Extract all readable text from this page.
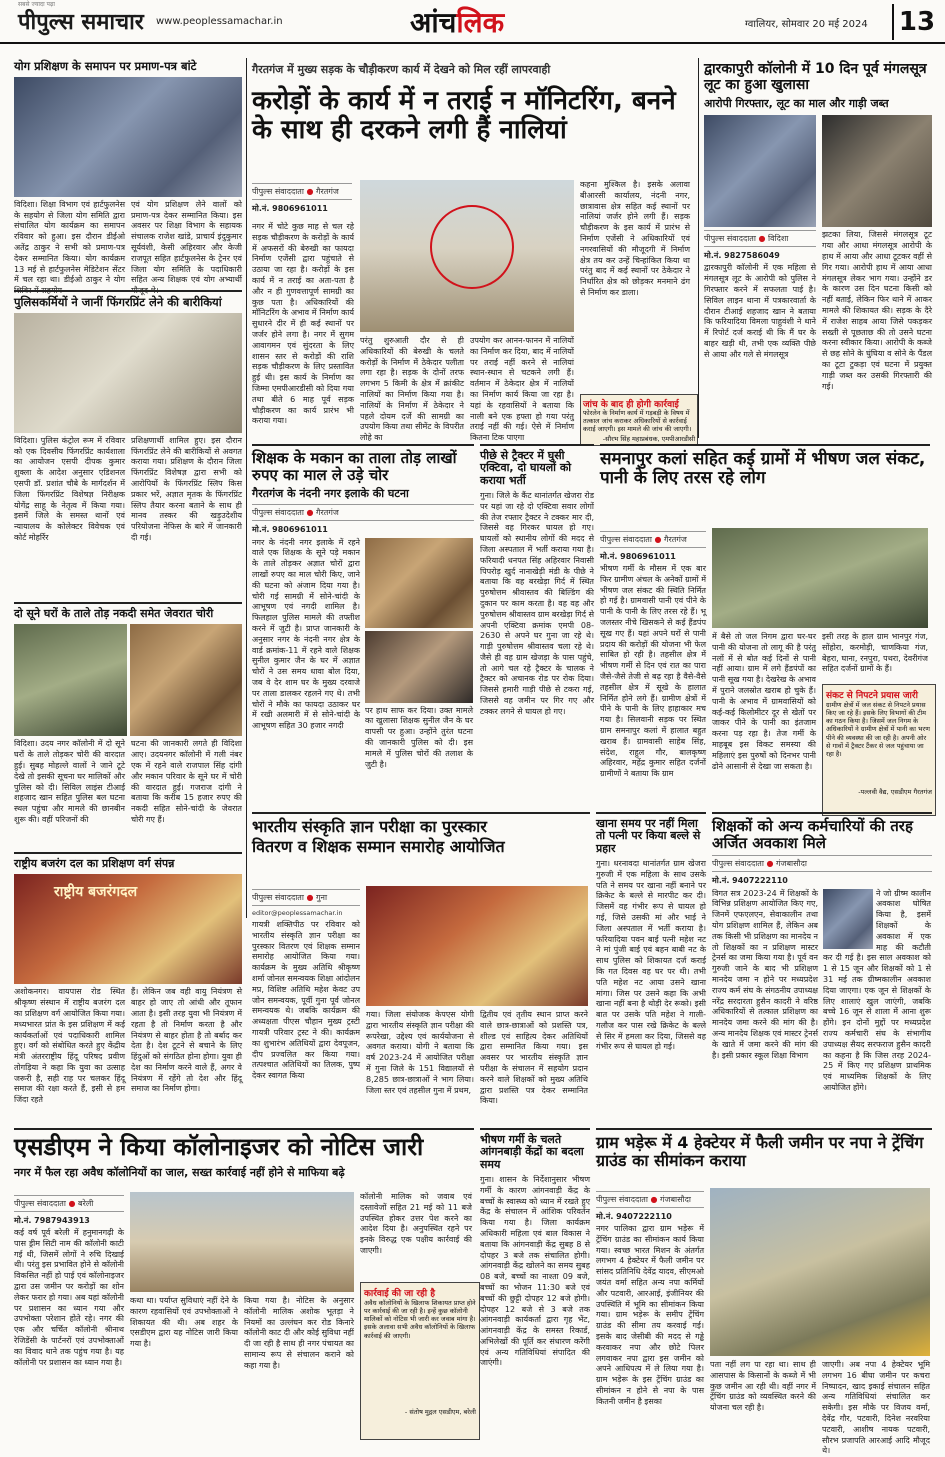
सबसे ज्यादा पढ़ा
पीपुल्स समाचार www.peoplessamachar.in	आंचलिक	ग्वालियर, सोमवार 20 मई 2024 13
योग प्रशिक्षण के समापन पर प्रमाण-पत्र बांटे
विदिशा। शिक्षा विभाग एवं हार्टफुलनेस के सहयोग से जिला योग समिति द्वारा संचालित योग कार्यक्रम का समापन रविवार को हुआ। इस दौरान डीईओ अतेंद्र ठाकुर ने सभी को प्रमाण-पत्र देकर सम्मानित किया। योग कार्यक्रम 13 मई से हार्टफुलनेस मेडिटेशन सेंटर में चल रहा था। डीईओ ठाकुर ने योग शिविर में सहयोग
एवं योग प्रशिक्षण लेने वालों को प्रमाण-पत्र देकर सम्मानित किया। इस अवसर पर शिक्षा विभाग के सहायक संचालक राजेश खांडे, प्राचार्य इंदुकुमार सूर्यवंशी, केसी अहिरवार और केजी राजपूत सहित हार्टफुलनेस के ट्रेनर एवं जिला योग समिति के पदाधिकारी सहित अन्य शिक्षक एवं योग अभ्यार्थी मौजूद थे।
पुलिसकर्मियों ने जानीं फिंगरप्रिंट लेने की बारीकियां
विदिशा। पुलिस कंट्रोल रूम में रविवार को एक दिवसीय फिंगरप्रिंट कार्यशाला का आयोजन एसपी दीपक कुमार शुक्ला के आदेश अनुसार एडिशनल एसपी डॉ. प्रशांत चौबे के मार्गदर्शन में जिला फिंगरप्रिंट विशेषज्ञ निरीक्षक योगेंद्र साहू के नेतृत्व में किया गया। इसमें जिले के समस्त थानों एवं न्यायालय के कोलेक्टर विवेचक एवं कोर्ट मोहर्रिर
प्रशिक्षणार्थी शामिल हुए। इस दौरान फिंगरप्रिंट लेने की बारीकियों से अवगत कराया गया। प्रशिक्षण के दौरान जिला फिंगरप्रिंट विशेषज्ञ द्वारा सभी को आरोपियों के फिंगरप्रिंट स्लिप किस प्रकार भरें, अज्ञात मृतक के फिंगरप्रिंट स्लिप तैयार करना बताने के साथ ही मानव तस्कर की खड़ुउदेशीय परियोजना नेफिस के बारे में जानकारी दी गई।
दो सूने घरों के ताले तोड़ नकदी समेत जेवरात चोरी
विदिशा। उदय नगर कॉलोनी में दो सूने घरों के ताले तोड़कर चोरी की वारदात हुई। सुबह मोहल्ले वालों ने जाने टूटे देखे तो इसकी सूचना घर मालिकों और पुलिस को दी। सिविल लाइंस टीआई शहजाद खान सहित पुलिस बल घटना स्थल पहुंचा और मामले की छानबीन शुरू की। वहीं परिजनों की
घटना की जानकारी लगते ही विदिशा आए। उदयनगर कॉलोनी में गली नंबर एक में रहने वाले राजपाल सिंह दांगी और मकान परिवार के सूने घर में चोरी की वारदात हुई। गजराज दांगी ने बताया कि करीब 15 हजार रुपए की नकदी सहित सोने-चांदी के जेवरात चोरी गए हैं।
राष्ट्रीय बजरंग दल का प्रशिक्षण वर्ग संपन्न
राष्ट्रीय बजरंगदल
अशोकनगर। वायपास रोड स्थित श्रीकृष्ण संस्थान में राष्ट्रीय बजरंग दल का प्रशिक्षण वर्ग आयोजित किया गया। मध्यभारत प्रांत के इस प्रशिक्षण में कई कार्यकर्ताओं एवं पदाधिकारी शामिल हुए। वर्ग को संबोधित करते हुए केंद्रीय मंत्री अंतरराष्ट्रीय हिंदू परिषद प्रवीण तोगड़िया ने कहा कि युवा का उत्साह जरूरी है, सही राह पर चलकर हिंदू समाज की रक्षा करते हैं, इसी से हम जिंदा रहते
हैं। लेकिन जब वही वायु नियंत्रण से बाहर हो जाए तो आंधी और तूफान आता है। इसी तरह युवा भी नियंत्रण में रहता है तो निर्माण करता है और नियंत्रण से बाहर होता है तो बर्बाद कर देता है। देश टूटने से बचाने के लिए हिंदुओं को संगठित होना होगा। युवा ही देश का निर्माण करने वाले हैं, अगर वे नियंत्रण में रहेंगे तो देश और हिंदू समाज का निर्माण होगा।
गैरतगंज में मुख्य सड़क के चौड़ीकरण कार्य में देखने को मिल रहीं लापरवाही
करोड़ों के कार्य में न तराई न मॉनिटरिंग, बनने के साथ ही दरकने लगी हैं नालियां
पीपुल्स संवाददाता ● गैरतगंज
मो.नं. 9806961011
नगर में चोटे कुछ माह से चल रहे सड़क चौड़ीकरण के करोड़ों के कार्य में अफसरों की बेरुखी का फायदा निर्माण एजेंसी द्वारा पहुंचाते से उठाया जा रहा है। करोड़ों के इस कार्य में न तराई का अता-पता है और न ही गुणवत्तापूर्ण सामग्री का कुछ पता है। अधिकारियों की मॉनिटरिंग के अभाव में निर्माण कार्य सुधारने दीर में ही कई स्थानों पर जर्जर होने लगा है। नगर में सुगम आवागमन एवं सुंदरता के लिए शासन स्तर से करोड़ों की राशि सड़क चौड़ीकरण के लिए प्रस्तावित हुई थी। इस कार्य के निर्माण का जिम्मा एमपीआरडीसी को दिया गया तथा बीते 6 माह पूर्व सड़क चौड़ीकरण का कार्य प्रारंभ भी कराया गया।
परंतु शुरुआती दौर से ही अधिकारियों की बेरुखी के चलते करोड़ों के निर्माण में ठेकेदार पलीता लगा रहा है। सड़क के दोनों तरफ लगभग 5 किमी के क्षेत्र में क्रांकीट नालियों का निर्माण किया गया है। नालियों के निर्माण में ठेकेदार ने पहले दोयम दर्जे की सामग्री का उपयोग किया तथा सीमेंट के विपरीत लोहे का
उपयोग कर आनन-फानन में नालियों का निर्माण कर दिया, बाद में नालियों पर तराई नहीं करने से नालियां स्थान-स्थान से चटकने लगी हैं। वर्तमान में ठेकेदार क्षेत्र में नालियों का निर्माण कार्य किया जा रहा है। यहां के रहवासियों ने बताया कि नाली बने एक हफ्ता हो गया परंतु तराई नहीं की गई। ऐसे में निर्माण कितना टिक पाएगा
कहना मुश्किल है। इसके अलावा बीआरसी कार्यालय, नंदनी नगर, छात्रावास क्षेत्र सहित कई स्थानों पर नालियां जर्जर होने लगी हैं। सड़क चौड़ीकरण के इस कार्य में प्रारंभ से निर्माण एजेंसी ने अधिकारियों एवं नगरवासियों की मौजूदगी में निर्माण क्षेत्र तय कर उन्हें चिन्हांकित किया था परंतु बाद में कई स्थानों पर ठेकेदार ने निर्धारित क्षेत्र को छोड़कर मनमाने ढंग से निर्माण कर डाला।
जांच के बाद ही होगी कार्रवाई
फोरलेन के निर्माण कार्य में गड़बड़ी के विषय में तत्काल जांच कराकर अधिकारियों से कार्रवाई कराई जाएगी। इस मामले की जांच की जाएगी।
-सौरभ सिंह महाप्रबंधक, एमपीआरडीसी
शिक्षक के मकान का ताला तोड़ लाखों रुपए का माल ले उड़े चोर
गैरतगंज के नंदनी नगर इलाके की घटना
पीपुल्स संवाददाता ● गैरतगंज
मो.नं. 9806961011
नगर के नंदनी नगर इलाके में रहने वाले एक शिक्षक के सूने पड़े मकान के ताले तोड़कर अज्ञात चोरों द्वारा लाखों रुपए का माल चोरी किए, जाने की घटना को अंजाम दिया गया है। चोरी गई सामग्री में सोने-चांदी के आभूषण एवं नगदी शामिल है। फिलहाल पुलिस मामले की तफ्तीश करने में जुटी है। प्राप्त जानकारी के अनुसार नगर के नंदनी नगर क्षेत्र के वार्ड क्रमांक-11 में रहने वाले शिक्षक सुनील कुमार जैन के घर में अज्ञात चोरों ने उस समय धावा बोल दिया, जब वे देर शाम घर के मुख्य दरवाजे पर ताला डालकर रहलने गए थे। तभी चोरों ने मौके का फायदा उठाकर घर में रखी अलमारी में से सोने-चांदी के आभूषण सहित 30 हजार नगदी
पर हाथ साफ कर दिया। उक्त मामले का खुलासा शिक्षक सुनील जैन के घर वापसी पर हुआ। उन्होंने तुरंत घटना की जानकारी पुलिस को दी। इस मामले में पुलिस चोरों की तलाश के जुटी है।
पीछे से ट्रैक्टर में घुसी एक्टिवा, दो घायलों को कराया भर्ती
गुना। जिले के कैंट थानांतर्गत खेजरा रोड पर यहां जा रहे दो एक्टिवा सवार लोगों की तेज रफ्तार ट्रैक्टर ने टक्कर मार दी, जिससे वह गिरकर घायल हो गए। घायलों को स्थानीय लोगों की मदद से जिला अस्पताल में भर्ती कराया गया है। फरियादी धनपत सिंह अहिरवार निवासी पिपरोड़ खुर्द नानाखेड़ी मंडी के पीछे ने बताया कि वह बरखेड़ा गिर्द में स्थित पुरुषोत्तम श्रीवास्तव की बिल्डिंग की दुकान पर काम करता है। वह वह और पुरुषोत्तम श्रीवास्तव ग्राम बरखेड़ा गिर्द से अपनी एक्टिवा क्रमांक एमपी 08-2630 से अपने घर गुना जा रहे थे। गाड़ी पुरुषोत्तम श्रीवास्तव चला रहे थे। जैसे ही वह ग्राम खेजड़ा के पास पहुंचे, तो आगे चल रहे ट्रैक्टर के चालक ने ट्रैक्टर को अचानक रोड पर रोक दिया। जिससे हमारी गाड़ी पीछे से टकरा गई, जिससे वह जमीन पर गिर गए और टक्कर लगने से घायल हो गए।
समनापुर कलां सहित कई ग्रामों में भीषण जल संकट, पानी के लिए तरस रहे लोग
पीपुल्स संवाददाता ● गैरतगंज
मो.नं. 9806961011
भीषण गर्मी के मौसम में एक बार फिर ग्रामीण अंचल के अनेकों ग्रामों में भीषण जल संकट की स्थिति निर्मित हो गई है। ग्रामवासी पानी एवं पीने के पानी के पानी के लिए तरस रहे हैं। भू जलस्तर नीचे खिसकने से कई हैंडपंप सूख गए हैं। यहां अपने घरों से पानी प्रदाय की करोड़ों की योजना भी फेल साबित हो रही है। तहसील क्षेत्र में भीषण गर्मी से दिन एवं रात का पारा जैसे-जैसे तेजी से बढ़ रहा है वैसे-वैसे तहसील क्षेत्र में सूखे के हालात निर्मित होने लगे हैं। ग्रामीण क्षेत्रों में पीने के पानी के लिए हाहाकार मच गया है। सिलवानी सड़क पर स्थित ग्राम समनापुर कलां में हालात बहुत खराब हैं। ग्रामवासी साहेब सिंह, संदेश, राहुल गौर, बालकृष्ण अहिरवार, महेंद्र कुमार सहित दर्जनों ग्रामीणों ने बताया कि ग्राम
में बैसे तो जल निगम द्वारा घर-घर पानी की योजना तो लागू की है परंतु नलों में से बोत कई दिनों से पानी नहीं आया। ग्राम में लगे हैंडपंपों का पानी सूख गया है। देखरेख के अभाव में पुराने जलस्रोत खराब हो चुके हैं। पानी के अभाव में ग्रामवासियों को कई-कई किलोमीटर दूर से खेतों पर जाकर पीने के पानी का इंतजाम करना पड़ रहा है। तेज गर्मी के माहबूब इस विकट समस्या की महिलाएं इस पुरुषों को दिनभर पानी ढोने आसानी से देखा जा सकता है।
इसी तरह के हाल ग्राम भानपुर गंज, सोंहोरा, करमोड़ी, चाणकिया गंज, बेहरा, घाना, रनपुरा, पथरा, देवरीगंज सहित दर्जनों ग्रामों के हैं।
संकट से निपटने प्रयास जारी
ग्रामीण क्षेत्रों में जल संकट से निपटने प्रयास किए जा रहे हैं। इसके लिए विभागों की टीम का गठन किया है। जिसमें जल निगम के अधिकारियों ने ग्रामीण क्षेत्रों में पानी का भरण पीने की व्यवस्था की जा रही है। अपनी ओर से गावों में ट्रैक्टर टैंकर से जल पहुंचाया जा रहा है।
-पल्लवी वैद्य, एसडीएम गैरतगंज
द्वारकापुरी कॉलोनी में 10 दिन पूर्व मंगलसूत्र लूट का हुआ खुलासा
आरोपी गिरफ्तार, लूट का माल और गाड़ी जब्त
पीपुल्स संवाददाता ● विदिशा
मो.नं. 9827586049
द्वारकापुरी कॉलोनी में एक महिला से मंगलसूत्र लूट के आरोपी को पुलिस ने गिरफ्तार करने में सफलता पाई है। सिविल लाइन थाना में पत्रकारवार्ता के दौरान टीआई शहजाद खान ने बताया कि फरियादिया विमला पाहुवंशी ने थाने में रिपोर्ट दर्ज कराई थी कि मैं घर के बाहर खड़ी थी, तभी एक व्यक्ति पीछे से आया और गले से मंगलसूत्र
झटका लिया, जिससे मंगलसूत्र टूट गया और आधा मंगलसूत्र आरोपी के हाथ में आया और आधा टूटकर वहीं से गिर गया। आरोपी हाथ में आया आधा मंगलसूत्र लेकर भाग गया। उन्होंने डर के कारण उस दिन घटना किसी को नहीं बताई, लेकिन फिर थाने में आकर मामले की शिकायत की। सड़क के दैरे में राजेश साहब आया जिसे पकड़कर सख्ती से पूछताछ की तो उसने घटना करना स्वीकार किया। आरोपी के कब्जे से छह सोने के घुंघिया व सोने के पैंडल का टूटा टुकड़ा एवं घटना में प्रयुक्त गाड़ी जब्त कर उसकी गिरफ्तारी की गई।
भारतीय संस्कृति ज्ञान परीक्षा का पुरस्कार
वितरण व शिक्षक सम्मान समारोह आयोजित
पीपुल्स संवाददाता ● गुना
editor@peoplessamachar.in
गायत्री शक्तिपीठ पर रविवार को भारतीय संस्कृति ज्ञान परीक्षा का पुरस्कार वितरण एवं शिक्षक सम्मान समारोह आयोजित किया गया। कार्यक्रम के मुख्य अतिथि श्रीकृष्ण शर्मा जोनल समन्वयक शिक्षा आंदोलन मप्र, विशिष्ट अतिथि महेश केवट उप जोन समन्वयक, पूर्वी गुना पूर्व जोनल समन्वयक थे। जबकि कार्यक्रम की अध्यक्षता पीएस चौहान मुख्य ट्रस्टी गायत्री परिवार ट्रस्ट ने की। कार्यक्रम का शुभारंभ अतिथियों द्वारा देवपूजन, दीप प्रज्वलित कर किया गया। तत्पश्चात अतिथियों का तिलक, पुष्प देकर स्वागत किया
गया। जिला संयोजक केपएस योगी द्वारा भारतीय संस्कृति ज्ञान परीक्षा की रूपरेखा, उद्देश्य एवं कार्ययोजना से अवगत कराया। योगी ने बताया कि वर्ष 2023-24 में आयोजित परीक्षा में गुना जिले के 151 विद्यालयों से 8,285 छात्र-छात्राओं ने भाग लिया। जिला स्तर एवं तहसील गुना में प्रथम,
द्वितीय एवं तृतीय स्थान प्राप्त करने वाले छात्र-छात्राओं को प्रशस्ति पत्र, शील्ड एवं साहित्य देकर अतिथियों द्वारा सम्मानित किया गया। इस अवसर पर भारतीय संस्कृति ज्ञान परीक्षा के संचालन में सहयोग प्रदान करने वाले शिक्षकों को मुख्य अतिथि द्वारा प्रशस्ति पत्र देकर सम्मानित किया।
खाना समय पर नहीं मिला तो पत्नी पर किया बल्ले से प्रहार
गुना। धरनावदा थानांतर्गत ग्राम खेजरा गुरुजी में एक महिला के साथ उसके पति ने समय पर खाना नहीं बनाने पर क्रिकेट के बल्ले से मारपीट कर दी। जिसमें वह गंभीर रूप से घायल हो गई, जिसे उसकी मां और भाई ने जिला अस्पताल में भर्ती कराया है। फरियादिया पवन बाई पत्नी महेश नट ने मां पुंजी बाई एवं बहन बाबी नट के साथ पुलिस को शिकायत दर्ज कराई कि गत दिवस वह घर पर थी। तभी पति महेश नट आया उसने खाना मांगा। जिस पर उसने कहा कि अभी खाना नहीं बना है थोड़ी देर रूको। इसी बात पर उसके पति महेश ने गाली-गलौज कर पास रखे क्रिकेट के बल्ले से सिर में हमला कर दिया, जिससे वह गंभीर रूप से घायल हो गई।
शिक्षकों को अन्य कर्मचारियों की तरह अर्जित अवकाश मिले
पीपुल्स संवाददाता ● गंजबासौदा
मो.नं. 9407222110
विगत सत्र 2023-24 में शिक्षकों के विभिन्न प्रशिक्षण आयोजित किए गए, जिनमें एफएलएन, सेवाकालीन तथा योग प्रशिक्षण शामिल हैं, लेकिन अब तक किसी भी प्रशिक्षण का मानदेय न तो शिक्षकों का न प्रशिक्षण मास्टर ट्रेनर्स का जमा किया गया है। पूर्व वन गुरुजी जाने के बाद भी प्रशिक्षण मानदेय जमा न होने पर मध्यप्रदेश राज्य कर्म संघ के संगठनीय उपाध्यक्ष नरेंद्र सरदारता हुसैन कादरी ने वरिष्ठ अधिकारियों से तत्काल प्रशिक्षण का मानदेय जमा करने की मांग की है। अन्य मानदेय शिक्षक एवं मास्टर ट्रेनर्स के खाते में जमा करने की मांग की है। इसी प्रकार स्कूल शिक्षा विभाग
ने जो ग्रीष्म कालीन अवकाश घोषित किया है, इसमें शिक्षकों के अवकाश में एक माह की कटौती कर दी गई है। इस साल अवकाश को 1 से 15 जून और शिक्षकों को 1 से 31 मई तक ग्रीष्मकालीन अवकाश दिया जाएगा। एक जून से शिक्षकों के लिए शालाएं खुल जाएंगी, जबकि बच्चे 16 जून से शाला में आना शुरू होंगे। इन दोनों मुद्दों पर मध्यप्रदेश राज्य कर्मचारी संघ के संभागीय उपाध्यक्ष सैयद सरफराज हुसैन कादरी का कहना है कि जिस तरह 2024-25 में किए गए प्रशिक्षण प्राथमिक एवं माध्यमिक शिक्षकों के लिए आयोजित होंगे।
एसडीएम ने किया कॉलोनाइजर को नोटिस जारी
नगर में फैल रहा अवैध कॉलोनियों का जाल, सख्त कार्रवाई नहीं होने से माफिया बढ़े
पीपुल्स संवाददाता ● बरेली
मो.नं. 7987943913
कई वर्ष पूर्व बरेली में हनुमानगढ़ी के पास ड्रीम सिटी नाम की कॉलोनी काटी गई थी, जिसमें लोगों ने रुचि दिखाई थी। परंतु इस प्रभावित होने से कॉलोनी विकसित नहीं हो पाई एवं कॉलोनाइजर द्वारा उस जमीन पर करोड़ों का शोन लेकर फरार हो गया। अब यहां कॉलोनी पर प्रशासन का ध्यान गया और उपभोक्ता परेशान होते रहे। नगर की एक और चर्चित कॉलोनी श्रीनाथ रेजिडेंसी के पार्टनरों एवं उपभोक्ताओं का विवाद थाने तक पहुंच गया है। यह कॉलोनी पर प्रशासन का ध्यान गया है।
कथा था। पर्याप्त सुविधाएं नहीं देने के कारण रहवासियों एवं उपभोक्ताओं ने शिकायत की थी। अब शहर के एसडीएम द्वारा यह नोटिस जारी किया गया है।
किया गया है। नोटिस के अनुसार कॉलोनी मालिक अशोक भूतड़ा ने नियमों का उल्लंघन कर रोड किनारे कॉलोनी काट दी और कोई सुविधा नहीं दी जा रही है साथ ही नगर पंचायत का सामान्य रूप से संचालन कराने को कहा गया है।
कॉलोनी मालिक को जवाब एवं दस्तावेजों सहित 21 मई को 11 बजे उपस्थित होकर उत्तर पेश करने का आदेश दिया है। अनुपस्थित रहने पर इनके विरुद्ध एक पक्षीय कार्रवाई की जाएगी।
कार्रवाई की जा रही है
अवैध कॉलोनियों के खिलाफ शिकायत प्राप्त होने पर कार्रवाई की जा रही है। इन्हें कुछ कॉलोनी मालिकों को नोटिस भी जारी कर जवाब मांगा है। इसके अलावा सभी अवैध कॉलोनियों के खिलाफ कार्रवाई की जाएगी।
- संतोष मुद्गल एसडीएम, बरेली
भीषण गर्मी के चलते आंगनबाड़ी केंद्रों का बदला समय
गुना। शासन के निर्देशानुसार भीषण गर्मी के कारण आंगनवाड़ी केंद्र के बच्चों के स्वास्थ्य को ध्यान में रखते हुए केंद्र के संचालन में आंशिक परिवर्तन किया गया है। जिला कार्यक्रम अधिकारी महिला एवं बाल विकास ने बताया कि आंगनवाड़ी केंद्र सुबह 8 से दोपहर 3 बजे तक संचालित होगी। आंगनवाड़ी केंद्र खोलने का समय सुबह 08 बजे, बच्चों का नाश्ता 09 बजे, बच्चों का भोजन 11:30 बजे एवं बच्चों की छुट्टी दोपहर 12 बजे होगी। दोपहर 12 बजे से 3 बजे तक आंगनवाड़ी कार्यकर्ता द्वारा गृह भेंट, आंगनवाड़ी केंद्र के समस्त रिकार्ड, अभिलेखों की पूर्ति कर संधारण करेंगी एवं अन्य गतिविधियां संपादित की जाएंगी।
ग्राम भड़ेरू में 4 हेक्टेयर में फैली जमीन पर नपा ने ट्रेंचिंग ग्राउंड का सीमांकन कराया
पीपुल्स संवाददाता ● गंजबासौदा
मो.नं. 9407222110
नगर पालिका द्वारा ग्राम भड़ेरू में ट्रेंचिंग ग्राउंड का सीमांकन कार्य किया गया। स्वच्छ भारत मिशन के अंतर्गत लगभग 4 हेक्टेयर में फैली जमीन पर सांसद प्रतिनिधि देवेंद्र यादव, सीएमओ जयंत वर्मा सहित अन्य नपा कर्मियों और पटवारी, आरआई, इंजीनियर की उपस्थिति में भूमि का सीमांकन किया गया। ग्राम भड़ेरू के समीप ट्रेंचिंग ग्राउंड की सीमा तय करवाई गई। इसके बाद जेसीबी की मदद से गड्ढे करवाकर नपा और छोटे पिलर लगवाकर नपा द्वारा इस जमीन को अपने आधिपत्य में ले लिया गया है। ग्राम भड़ेरू के इस ट्रेंचिंग ग्राउंड का सीमांकन न होने से नपा के पास कितनी जमीन है इसका
पता नहीं लग पा रहा था। साथ ही आसपास के किसानों के कब्जे में भी कुछ जमीन आ रही थी। वहीं नगर में ट्रेंचिंग ग्राउंड को व्यवस्थित करने की योजना चल रही है।
जाएगी। अब नपा 4 हेक्टेयर भूमि लगभग 16 बीघा जमीन पर कचरा निष्पादन, खाद इकाई संचालन सहित अन्य गतिविधियां संचालित कर सकेगी। इस मौके पर विजय वर्मा, देवेंद्र गौर, पटवारी, दिनेश नरवरिया पटवारी, आशीष नायक पटवारी, सौरभ प्रजापति आरआई आदि मौजूद थे।
